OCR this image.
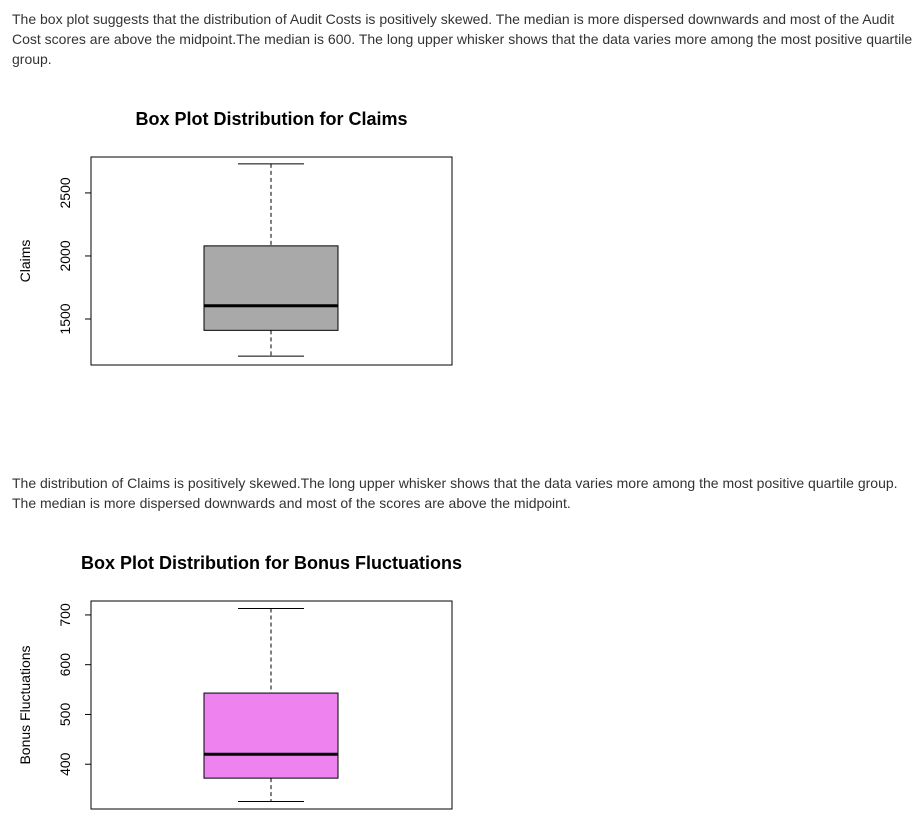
The box plot suggests that the distribution of Audit Costs is positively skewed. The median is more dispersed downwards and most of the Audit Cost scores are above the midpoint.The median is 600. The long upper whisker shows that the data varies more among the most positive quartile group.

Box Plot Distribution for Claims
Claims
1500
2000
2500

The distribution of Claims is positively skewed.The long upper whisker shows that the data varies more among the most positive quartile group. The median is more dispersed downwards and most of the scores are above the midpoint.

Box Plot Distribution for Bonus Fluctuations
Bonus Fluctuations 400
500
600
700
